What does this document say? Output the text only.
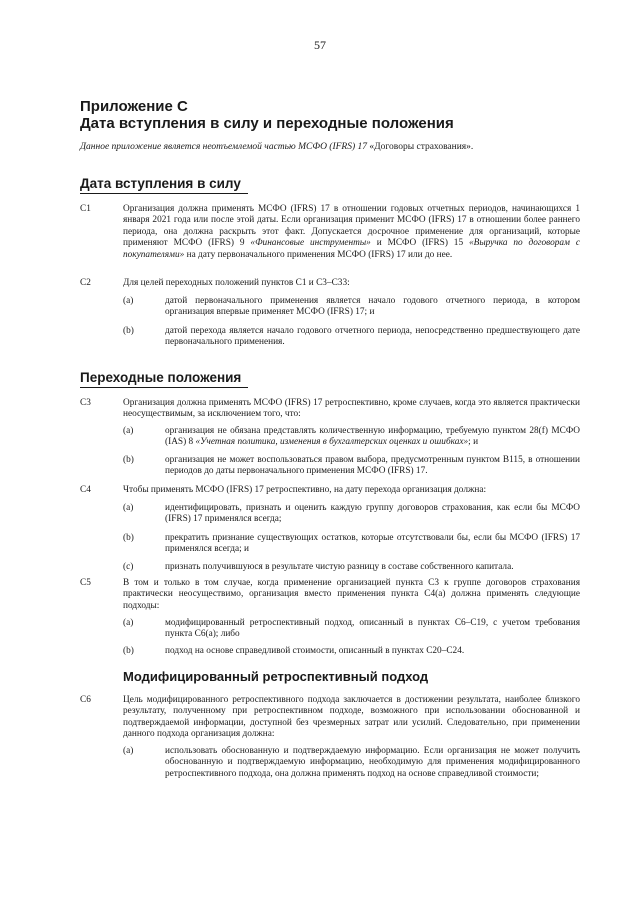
57
Приложение С
Дата вступления в силу и переходные положения
Данное приложение является неотъемлемой частью МСФО (IFRS) 17 «Договоры страхования».
Дата вступления в силу
C1	Организация должна применять МСФО (IFRS) 17 в отношении годовых отчетных периодов, начинающихся 1 января 2021 года или после этой даты. Если организация применит МСФО (IFRS) 17 в отношении более раннего периода, она должна раскрыть этот факт. Допускается досрочное применение для организаций, которые применяют МСФО (IFRS) 9 «Финансовые инструменты» и МСФО (IFRS) 15 «Выручка по договорам с покупателями» на дату первоначального применения МСФО (IFRS) 17 или до нее.
C2	Для целей переходных положений пунктов C1 и C3–C33:
(a)	датой первоначального применения является начало годового отчетного периода, в котором организация впервые применяет МСФО (IFRS) 17; и
(b)	датой перехода является начало годового отчетного периода, непосредственно предшествующего дате первоначального применения.
Переходные положения
C3	Организация должна применять МСФО (IFRS) 17 ретроспективно, кроме случаев, когда это является практически неосуществимым, за исключением того, что:
(a)	организация не обязана представлять количественную информацию, требуемую пунктом 28(f) МСФО (IAS) 8 «Учетная политика, изменения в бухгалтерских оценках и ошибках»; и
(b)	организация не может воспользоваться правом выбора, предусмотренным пунктом B115, в отношении периодов до даты первоначального применения МСФО (IFRS) 17.
C4	Чтобы применять МСФО (IFRS) 17 ретроспективно, на дату перехода организация должна:
(a)	идентифицировать, признать и оценить каждую группу договоров страхования, как если бы МСФО (IFRS) 17 применялся всегда;
(b)	прекратить признание существующих остатков, которые отсутствовали бы, если бы МСФО (IFRS) 17 применялся всегда; и
(c)	признать получившуюся в результате чистую разницу в составе собственного капитала.
C5	В том и только в том случае, когда применение организацией пункта C3 к группе договоров страхования практически неосуществимо, организация вместо применения пункта C4(a) должна применять следующие подходы:
(a)	модифицированный ретроспективный подход, описанный в пунктах C6–C19, с учетом требования пункта C6(a); либо
(b)	подход на основе справедливой стоимости, описанный в пунктах C20–C24.
Модифицированный ретроспективный подход
C6	Цель модифицированного ретроспективного подхода заключается в достижении результата, наиболее близкого результату, полученному при ретроспективном подходе, возможного при использовании обоснованной и подтверждаемой информации, доступной без чрезмерных затрат или усилий. Следовательно, при применении данного подхода организация должна:
(a)	использовать обоснованную и подтверждаемую информацию. Если организация не может получить обоснованную и подтверждаемую информацию, необходимую для применения модифицированного ретроспективного подхода, она должна применять подход на основе справедливой стоимости;
